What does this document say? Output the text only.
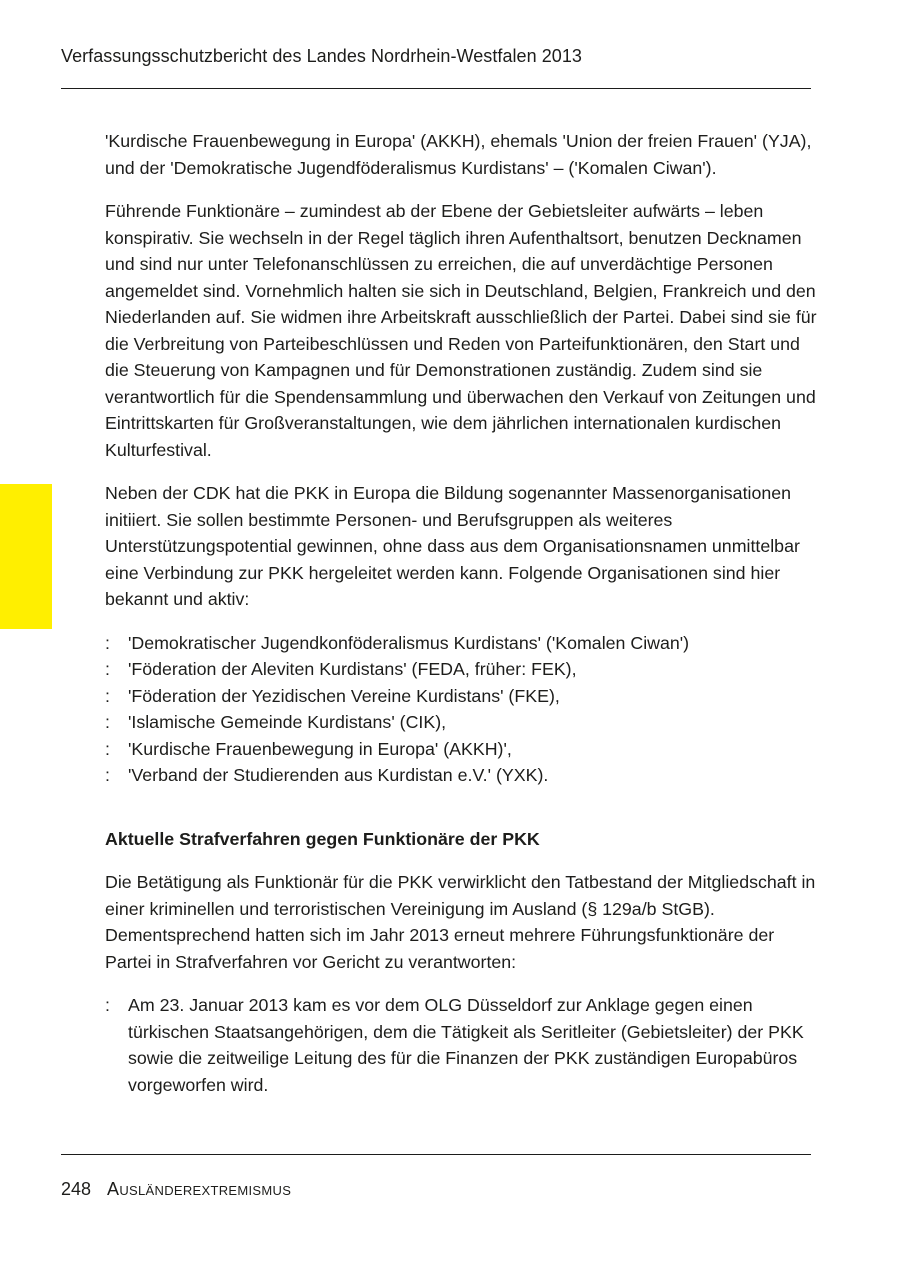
Verfassungsschutzbericht des Landes Nordrhein-Westfalen 2013

'Kurdische Frauenbewegung in Europa' (AKKH), ehemals 'Union der freien Frauen' (YJA), und der 'Demokratische Jugendföderalismus Kurdistans' – ('Komalen Ciwan').

Führende Funktionäre – zumindest ab der Ebene der Gebietsleiter aufwärts – leben konspirativ. Sie wechseln in der Regel täglich ihren Aufenthaltsort, benutzen Decknamen und sind nur unter Telefonanschlüssen zu erreichen, die auf unverdächtige Personen angemeldet sind. Vornehmlich halten sie sich in Deutschland, Belgien, Frankreich und den Niederlanden auf. Sie widmen ihre Arbeitskraft ausschließlich der Partei. Dabei sind sie für die Verbreitung von Parteibeschlüssen und Reden von Parteifunktionären, den Start und die Steuerung von Kampagnen und für Demonstrationen zuständig. Zudem sind sie verantwortlich für die Spendensammlung und überwachen den Verkauf von Zeitungen und Eintrittskarten für Großveranstaltungen, wie dem jährlichen internationalen kurdischen Kulturfestival.

Neben der CDK hat die PKK in Europa die Bildung sogenannter Massenorganisationen initiiert. Sie sollen bestimmte Personen- und Berufsgruppen als weiteres Unterstützungspotential gewinnen, ohne dass aus dem Organisationsnamen unmittelbar eine Verbindung zur PKK hergeleitet werden kann. Folgende Organisationen sind hier bekannt und aktiv:

: 'Demokratischer Jugendkonföderalismus Kurdistans' ('Komalen Ciwan')
: 'Föderation der Aleviten Kurdistans' (FEDA, früher: FEK),
: 'Föderation der Yezidischen Vereine Kurdistans' (FKE),
: 'Islamische Gemeinde Kurdistans' (CIK),
: 'Kurdische Frauenbewegung in Europa' (AKKH)',
: 'Verband der Studierenden aus Kurdistan e.V.' (YXK).
Aktuelle Strafverfahren gegen Funktionäre der PKK

Die Betätigung als Funktionär für die PKK verwirklicht den Tatbestand der Mitgliedschaft in einer kriminellen und terroristischen Vereinigung im Ausland (§ 129a/b StGB). Dementsprechend hatten sich im Jahr 2013 erneut mehrere Führungsfunktionäre der Partei in Strafverfahren vor Gericht zu verantworten:

: Am 23. Januar 2013 kam es vor dem OLG Düsseldorf zur Anklage gegen einen türkischen Staatsangehörigen, dem die Tätigkeit als Seritleiter (Gebietsleiter) der PKK sowie die zeitweilige Leitung des für die Finanzen der PKK zuständigen Europabüros vorgeworfen wird.
248 Ausländerextremismus
